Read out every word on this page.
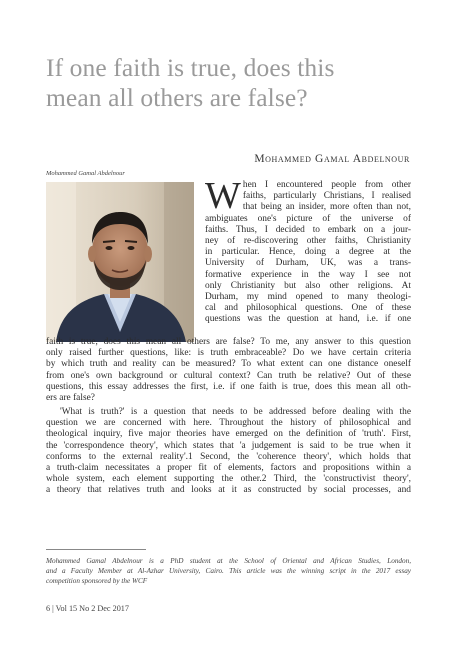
If one faith is true, does this
mean all others are false?
Mohammed Gamal Abdelnour
Mohammed Gamal Abdelnour
W hen I encountered people from other
faiths, particularly Christians, I realised
that being an insider, more often than not,
ambiguates one's picture of the universe of
faiths. Thus, I decided to embark on a jour-
ney of re-discovering other faiths, Christianity
in particular. Hence, doing a degree at the
University of Durham, UK, was a trans-
formative experience in the way I see not
only Christianity but also other religions. At
Durham, my mind opened to many theologi-
cal and philosophical questions. One of these
questions was the question at hand, i.e. if one
faith is true, does this mean all others are false? To me, any answer to this question
only raised further questions, like: is truth embraceable? Do we have certain criteria
by which truth and reality can be measured? To what extent can one distance oneself
from one's own background or cultural context? Can truth be relative? Out of these
questions, this essay addresses the first, i.e. if one faith is true, does this mean all oth-
ers are false?
'What is truth?' is a question that needs to be addressed before dealing with the
question we are concerned with here. Throughout the history of philosophical and
theological inquiry, five major theories have emerged on the definition of 'truth'. First,
the 'correspondence theory', which states that 'a judgement is said to be true when it
conforms to the external reality'.1 Second, the 'coherence theory', which holds that
a truth-claim necessitates a proper fit of elements, factors and propositions within a
whole system, each element supporting the other.2 Third, the 'constructivist theory',
a theory that relatives truth and looks at it as constructed by social processes, and
Mohammed Gamal Abdelnour is a PhD student at the School of Oriental and African Studies, London,
and a Faculty Member at Al-Azhar University, Cairo. This article was the winning script in the 2017 essay
competition sponsored by the WCF
6 | Vol 15 No 2 Dec 2017
